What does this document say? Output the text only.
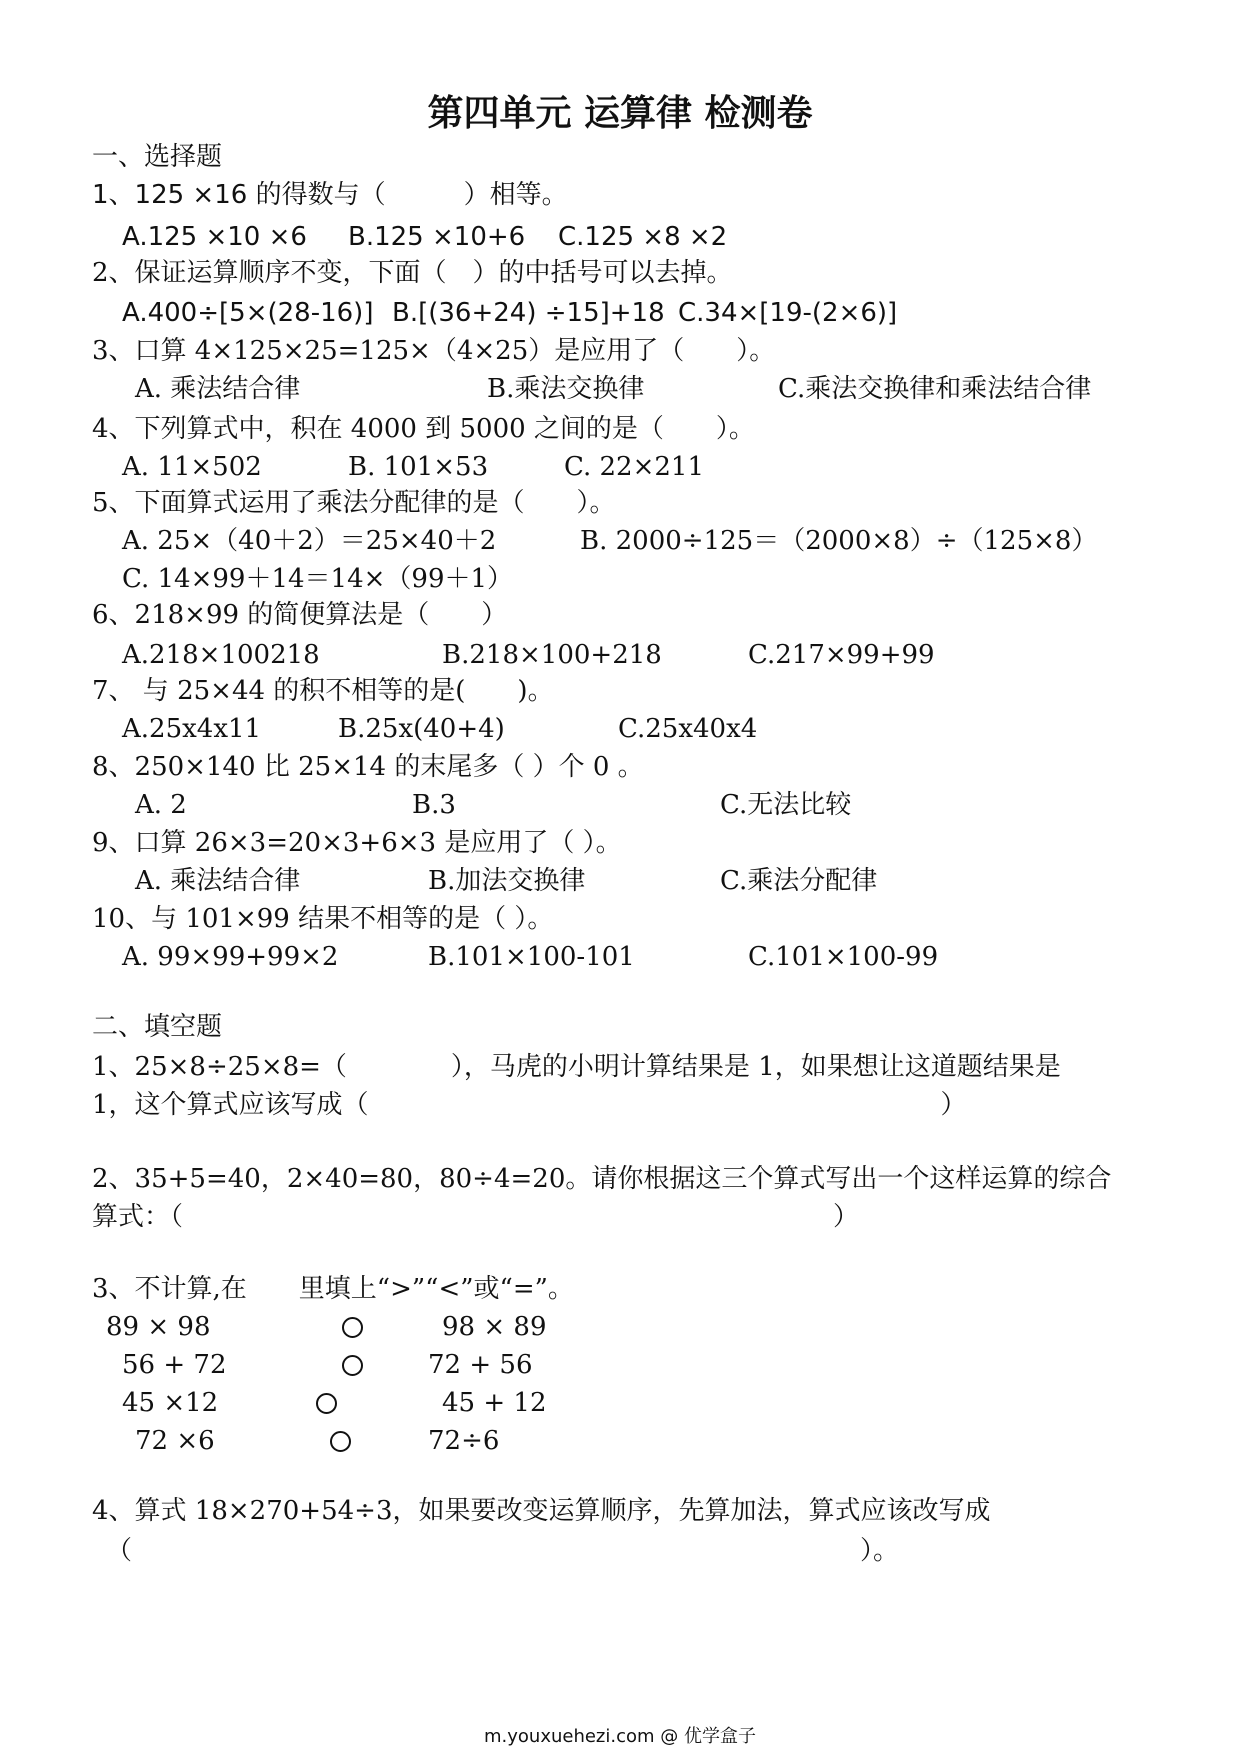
第四单元 运算律 检测卷
一、选择题
1、125 ×16 的得数与（　　　）相等。
A.125 ×10 ×6 B.125 ×10+6 C.125 ×8 ×2
2、保证运算顺序不变，下面（　）的中括号可以去掉。
A.400÷[5×(28-16)] B.[(36+24) ÷15]+18 C.34×[19-(2×6)]
3、口算 4×125×25=125×（4×25）是应用了（　　）。
A. 乘法结合律	B.乘法交换律	C.乘法交换律和乘法结合律
4、下列算式中，积在 4000 到 5000 之间的是（　　）。
A. 11×502	B. 101×53	C. 22×211
5、下面算式运用了乘法分配律的是（　　）。
A. 25×（40＋2）＝25×40＋2	B. 2000÷125＝（2000×8）÷（125×8）
C. 14×99＋14＝14×（99＋1）
6、218×99 的简便算法是（　　）
A.218×100218	B.218×100+218	C.217×99+99
7、 与 25×44 的积不相等的是(　　)。
A.25x4x11	B.25x(40+4)	C.25x40x4
8、250×140 比 25×14 的末尾多（ ）个 0 。
A. 2	B.3	C.无法比较
9、口算 26×3=20×3+6×3 是应用了（ ）。
A. 乘法结合律	B.加法交换律	C.乘法分配律
10、与 101×99 结果不相等的是（ ）。
A. 99×99+99×2	B.101×100-101	C.101×100-99
二、填空题
1、25×8÷25×8=（　　　　），马虎的小明计算结果是 1，如果想让这道题结果是
1，这个算式应该写成（　　　　　　　　　　　　　　　　　　　　　　）
2、35+5=40，2×40=80，80÷4=20。请你根据这三个算式写出一个这样运算的综合
算式：（　　　　　　　　　　　　　　　　　　　　　　　　　）
3、不计算,在　　里填上“>”“<”或“=”。
89 × 98	98 × 89
56 + 72	72 + 56
45 ×12	45 + 12
72 ×6	72÷6
4、算式 18×270+54÷3，如果要改变运算顺序，先算加法，算式应该改写成
（　　　　　　　　　　　　　　　　　　　　　　　　　　　　）。
m.youxuehezi.com @ 优学盒子
